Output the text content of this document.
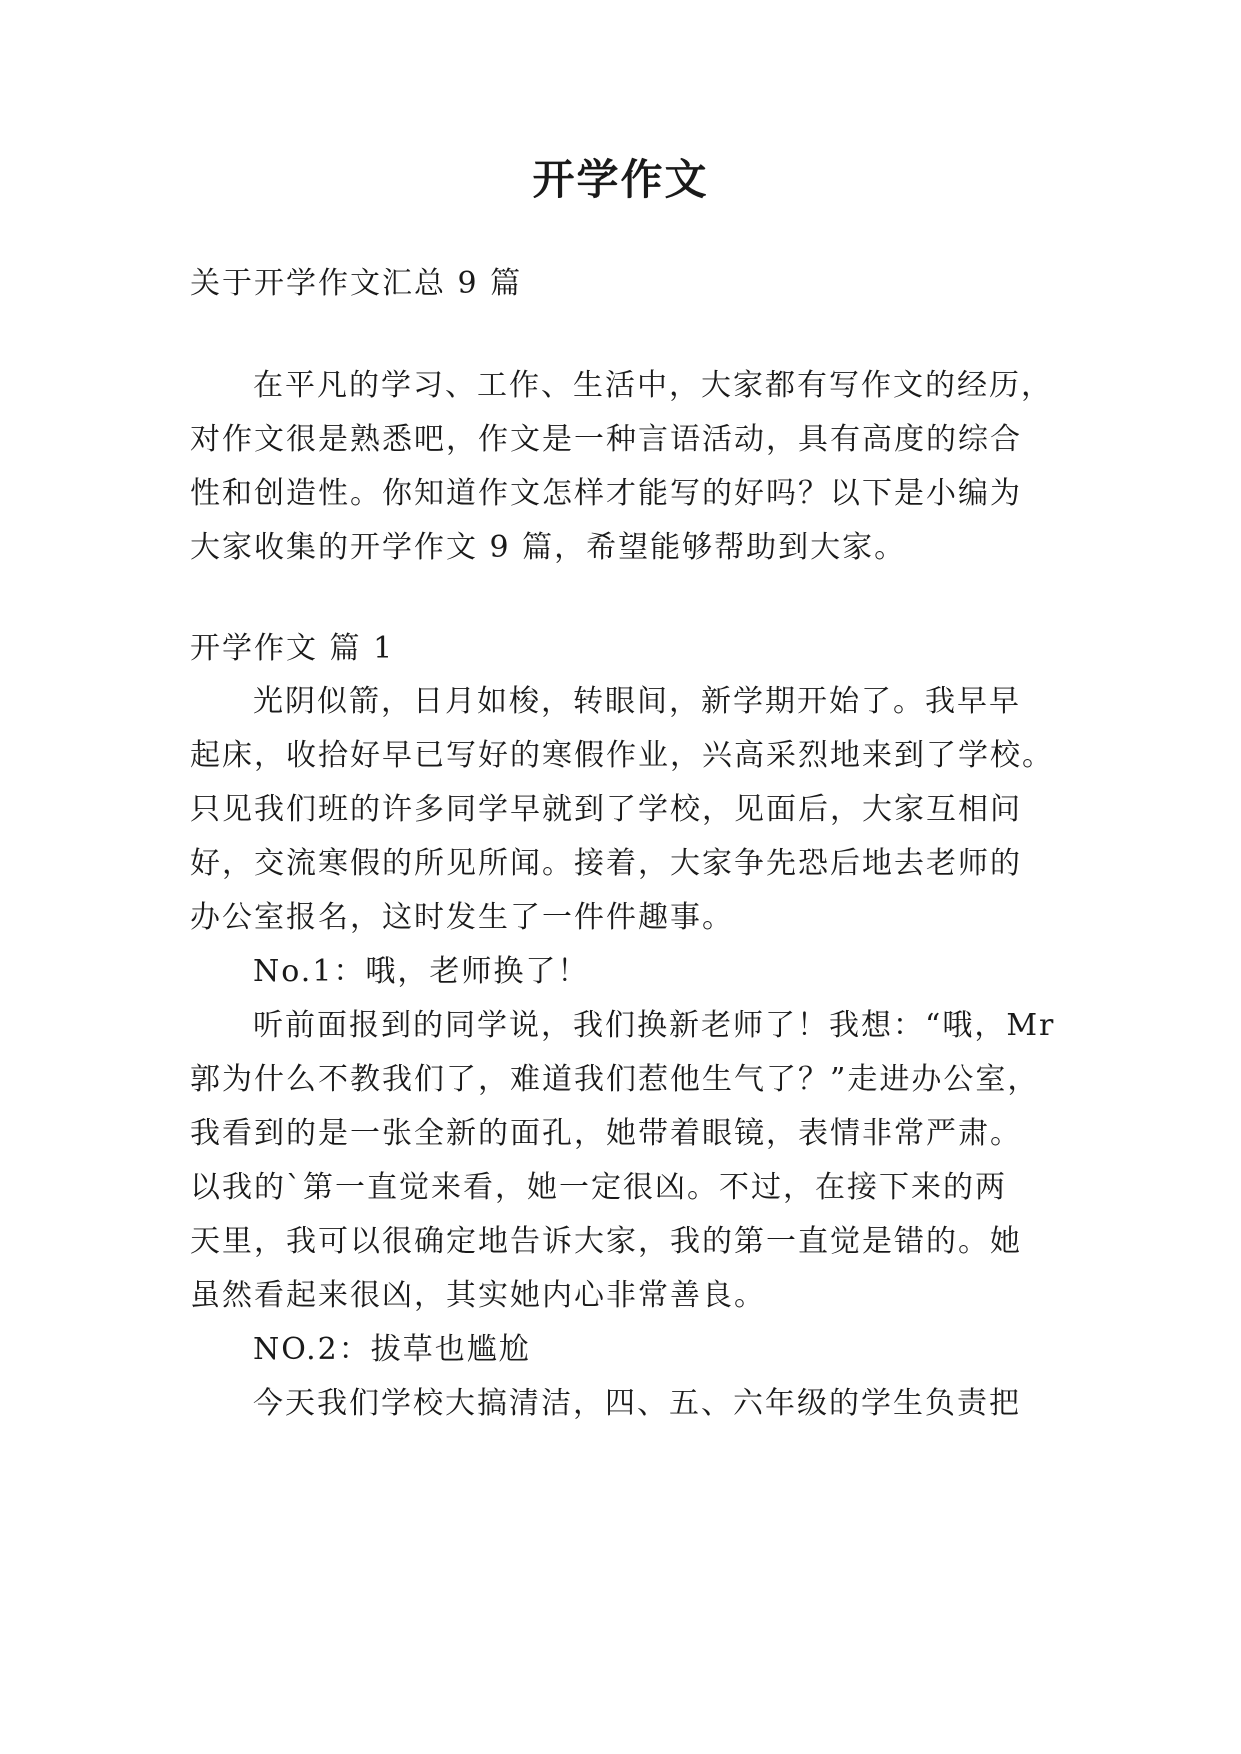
开学作文
关于开学作文汇总 9 篇
在平凡的学习、工作、生活中，大家都有写作文的经历，
对作文很是熟悉吧，作文是一种言语活动，具有高度的综合
性和创造性。你知道作文怎样才能写的好吗？以下是小编为
大家收集的开学作文 9 篇，希望能够帮助到大家。
开学作文 篇 1
光阴似箭，日月如梭，转眼间，新学期开始了。我早早
起床，收拾好早已写好的寒假作业，兴高采烈地来到了学校。
只见我们班的许多同学早就到了学校，见面后，大家互相问
好，交流寒假的所见所闻。接着，大家争先恐后地去老师的
办公室报名，这时发生了一件件趣事。
No.1：哦，老师换了！
听前面报到的同学说，我们换新老师了！我想：“哦，Mr
郭为什么不教我们了，难道我们惹他生气了？”走进办公室，
我看到的是一张全新的面孔，她带着眼镜，表情非常严肃。
以我的`第一直觉来看，她一定很凶。不过，在接下来的两
天里，我可以很确定地告诉大家，我的第一直觉是错的。她
虽然看起来很凶，其实她内心非常善良。
NO.2：拔草也尴尬
今天我们学校大搞清洁，四、五、六年级的学生负责把
